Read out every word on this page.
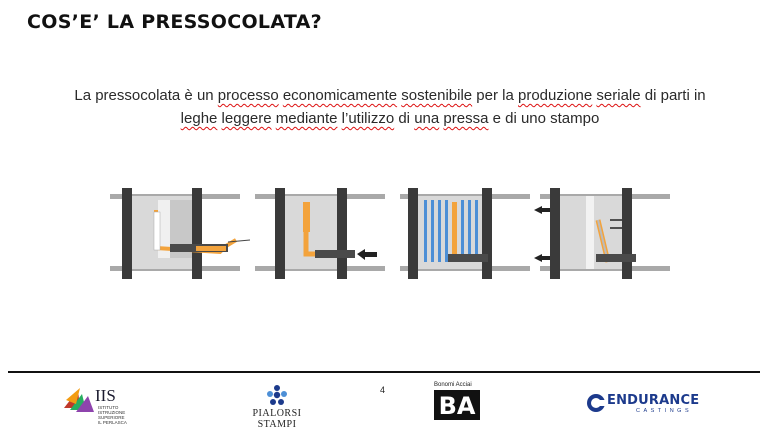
COS’E’ LA PRESSOCOLATA?
La pressocolata è un processo economicamente sostenibile per la produzione seriale di parti in
leghe leggere mediante l’utilizzo di una pressa e di uno stampo
4
IIS
ISTITUTO ISTRUZIONE SUPERIORE
IL PERLASCA
PIALORSI STAMPI
Bonomi Acciai
BA	ENDURANCE
CASTINGS
